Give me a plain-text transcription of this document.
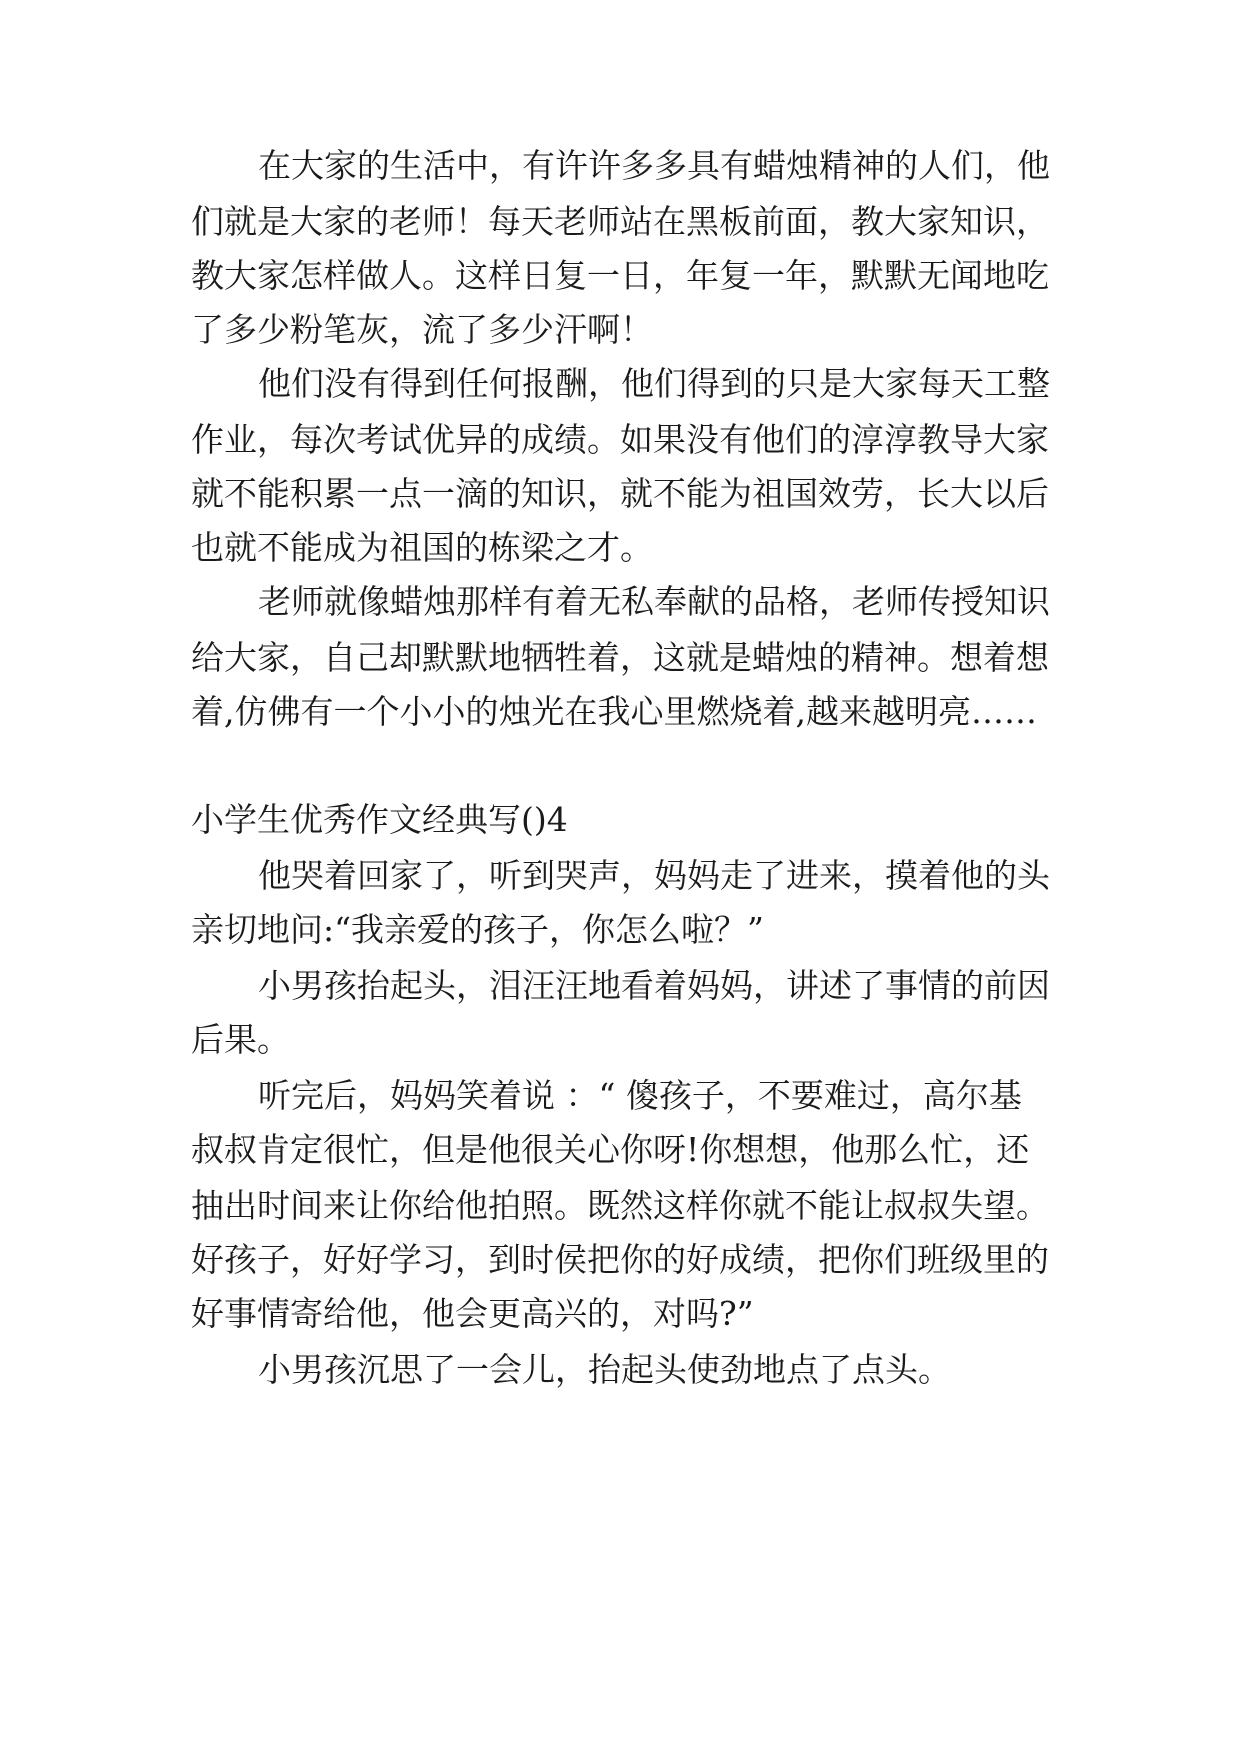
在大家的生活中，有许许多多具有蜡烛精神的人们，他
们就是大家的老师！每天老师站在黑板前面，教大家知识，
教大家怎样做人。这样日复一日，年复一年，默默无闻地吃
了多少粉笔灰，流了多少汗啊！
他们没有得到任何报酬，他们得到的只是大家每天工整
作业，每次考试优异的成绩。如果没有他们的淳淳教导大家
就不能积累一点一滴的知识，就不能为祖国效劳，长大以后
也就不能成为祖国的栋梁之才。
老师就像蜡烛那样有着无私奉献的品格，老师传授知识
给大家，自己却默默地牺牲着，这就是蜡烛的精神。想着想
着,仿佛有一个小小的烛光在我心里燃烧着,越来越明亮……
小学生优秀作文经典写()4
他哭着回家了，听到哭声，妈妈走了进来，摸着他的头
亲切地问:“我亲爱的孩子，你怎么啦？”
小男孩抬起头，泪汪汪地看着妈妈，讲述了事情的前因
后果。
听完后，妈妈笑着说 ：“ 傻孩子，不要难过，高尔基
叔叔肯定很忙，但是他很关心你呀!你想想，他那么忙，还
抽出时间来让你给他拍照。既然这样你就不能让叔叔失望。
好孩子，好好学习，到时侯把你的好成绩，把你们班级里的
好事情寄给他，他会更高兴的，对吗?”
小男孩沉思了一会儿，抬起头使劲地点了点头。
